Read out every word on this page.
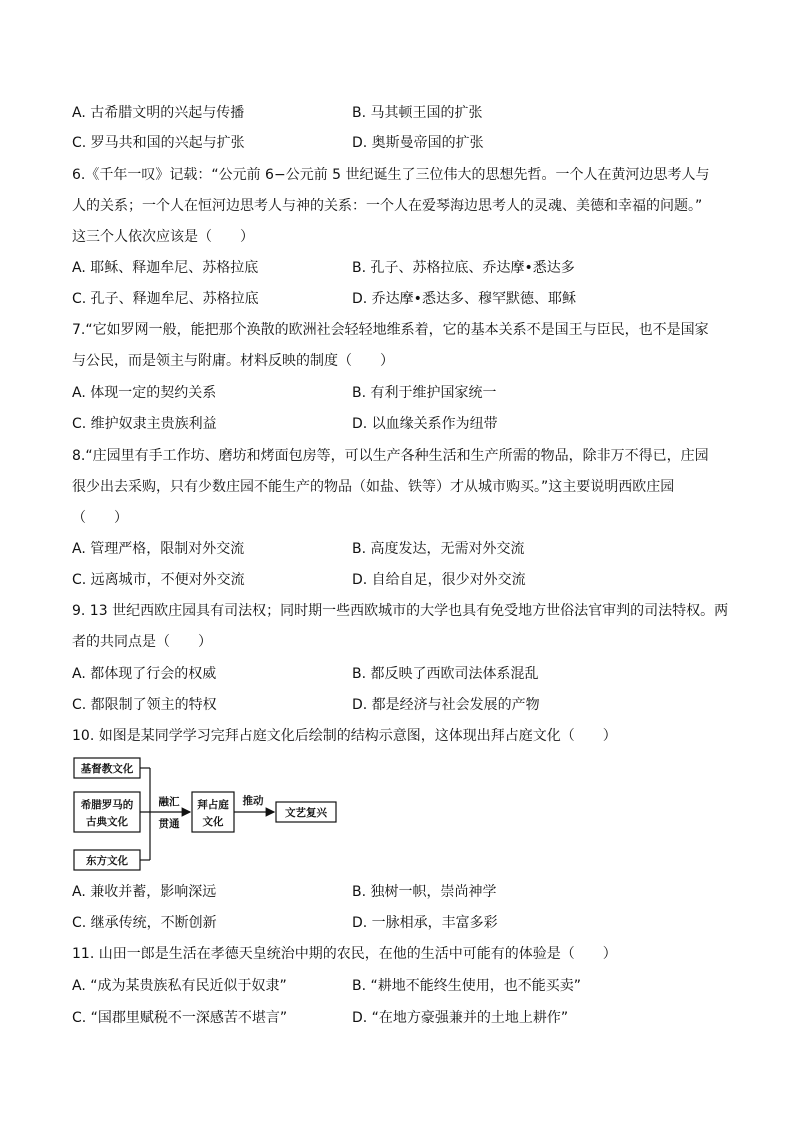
A. 古希腊文明的兴起与传播	B. 马其顿王国的扩张
C. 罗马共和国的兴起与扩张	D. 奥斯曼帝国的扩张
6.《千年一叹》记载：“公元前 6−公元前 5 世纪诞生了三位伟大的思想先哲。一个人在黄河边思考人与
人的关系；一个人在恒河边思考人与神的关系：一个人在爱琴海边思考人的灵魂、美德和幸福的问题。”
这三个人依次应该是（　　）
A. 耶稣、释迦牟尼、苏格拉底	B. 孔子、苏格拉底、乔达摩•悉达多
C. 孔子、释迦牟尼、苏格拉底	D. 乔达摩•悉达多、穆罕默德、耶稣
7.“它如罗网一般，能把那个涣散的欧洲社会轻轻地维系着，它的基本关系不是国王与臣民，也不是国家
与公民，而是领主与附庸。材料反映的制度（　　）
A. 体现一定的契约关系	B. 有利于维护国家统一
C. 维护奴隶主贵族利益	D. 以血缘关系作为纽带
8.“庄园里有手工作坊、磨坊和烤面包房等，可以生产各种生活和生产所需的物品，除非万不得已，庄园
很少出去采购，只有少数庄园不能生产的物品（如盐、铁等）才从城市购买。”这主要说明西欧庄园
（　　）
A. 管理严格，限制对外交流	B. 高度发达，无需对外交流
C. 远离城市，不便对外交流	D. 自给自足，很少对外交流
9. 13 世纪西欧庄园具有司法权；同时期一些西欧城市的大学也具有免受地方世俗法官审判的司法特权。两
者的共同点是（　　）
A. 都体现了行会的权威	B. 都反映了西欧司法体系混乱
C. 都限制了领主的特权	D. 都是经济与社会发展的产物
10. 如图是某同学学习完拜占庭文化后绘制的结构示意图，这体现出拜占庭文化（　　）
基督教文化
希腊罗马的
古典文化
东方文化
融汇
贯通
拜占庭
文化
推动
文艺复兴
A. 兼收并蓄，影响深远	B. 独树一帜，崇尚神学
C. 继承传统，不断创新	D. 一脉相承，丰富多彩
11. 山田一郎是生活在孝德天皇统治中期的农民，在他的生活中可能有的体验是（　　）
A. “成为某贵族私有民近似于奴隶”	B. “耕地不能终生使用，也不能买卖”
C. “国郡里赋税不一深感苦不堪言”	D. “在地方豪强兼并的土地上耕作”
